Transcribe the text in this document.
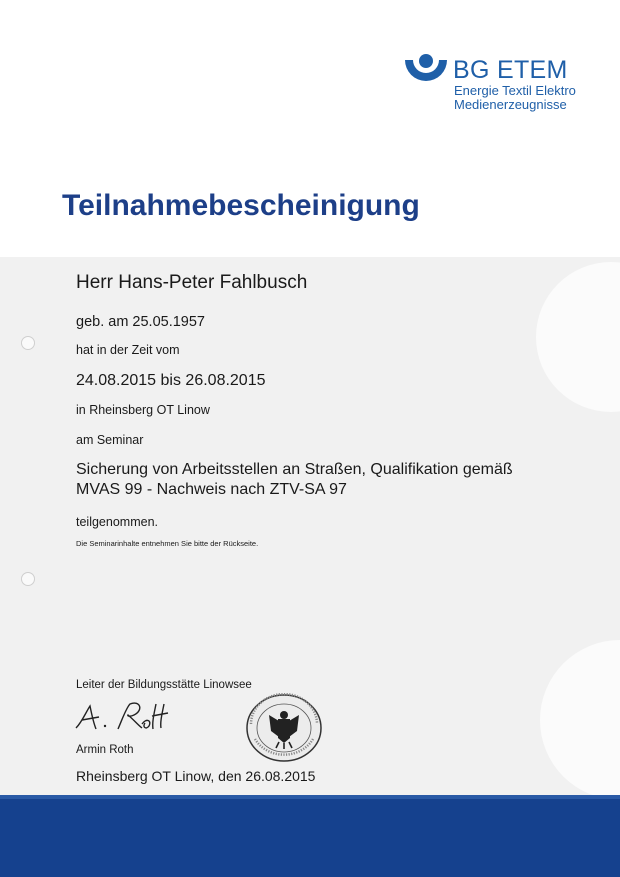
BG ETEM
Energie Textil Elektro
Medienerzeugnisse
Teilnahmebescheinigung
Herr Hans-Peter Fahlbusch
geb. am 25.05.1957
hat in der Zeit vom
24.08.2015 bis 26.08.2015
in Rheinsberg OT Linow
am Seminar
Sicherung von Arbeitsstellen an Straßen, Qualifikation gemäß
MVAS 99 - Nachweis nach ZTV-SA 97
teilgenommen.
Die Seminarinhalte entnehmen Sie bitte der Rückseite.
Leiter der Bildungsstätte Linowsee
Armin Roth
Rheinsberg OT Linow, den 26.08.2015
